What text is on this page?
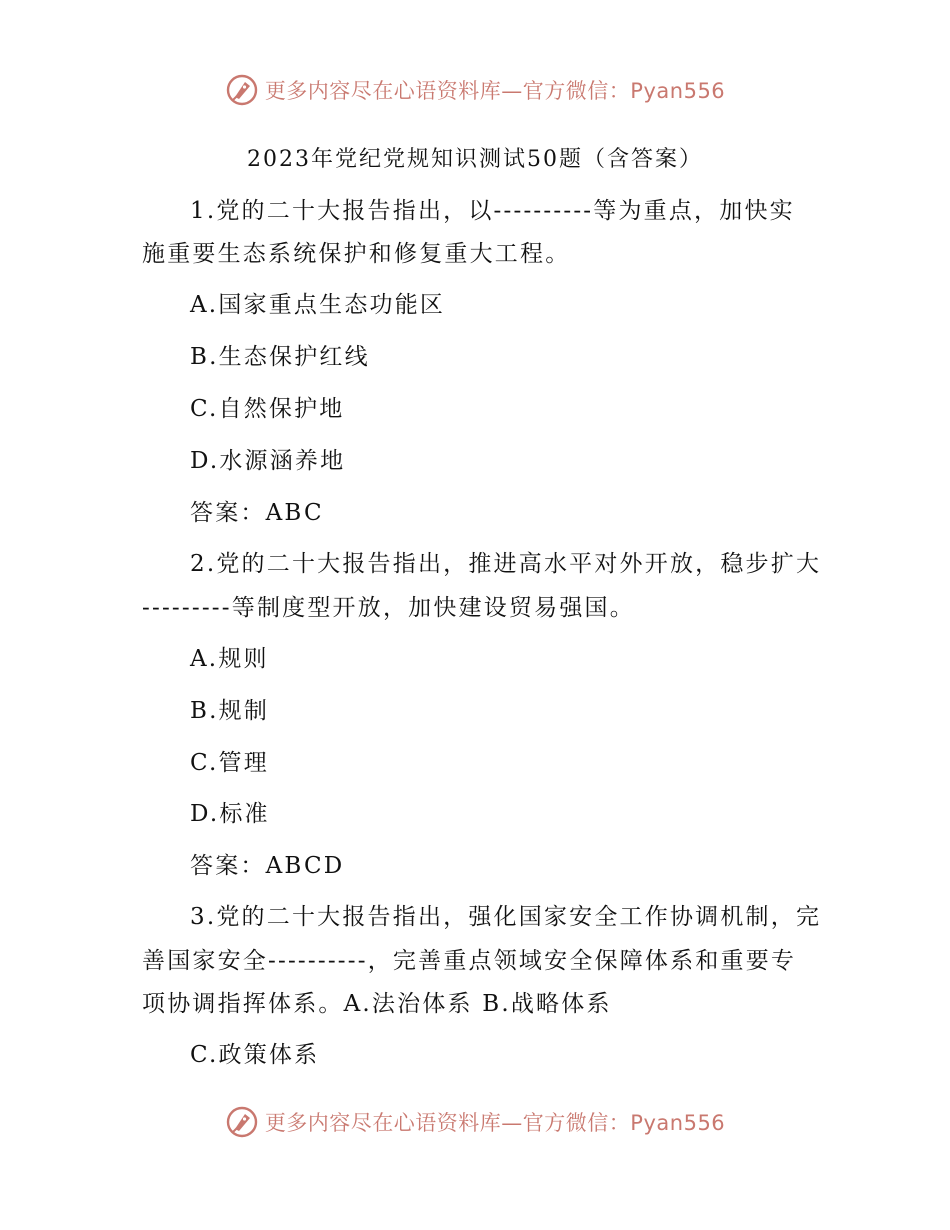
更多内容尽在心语资料库—官方微信：Pyan556
2023年党纪党规知识测试50题（含答案）
1.党的二十大报告指出，以----------等为重点，加快实
施重要生态系统保护和修复重大工程。
A.国家重点生态功能区
B.生态保护红线
C.自然保护地
D.水源涵养地
答案：ABC
2.党的二十大报告指出，推进高水平对外开放，稳步扩大
---------等制度型开放，加快建设贸易强国。
A.规则
B.规制
C.管理
D.标准
答案：ABCD
3.党的二十大报告指出，强化国家安全工作协调机制，完
善国家安全----------，完善重点领域安全保障体系和重要专
项协调指挥体系。A.法治体系 B.战略体系
C.政策体系
更多内容尽在心语资料库—官方微信：Pyan556
